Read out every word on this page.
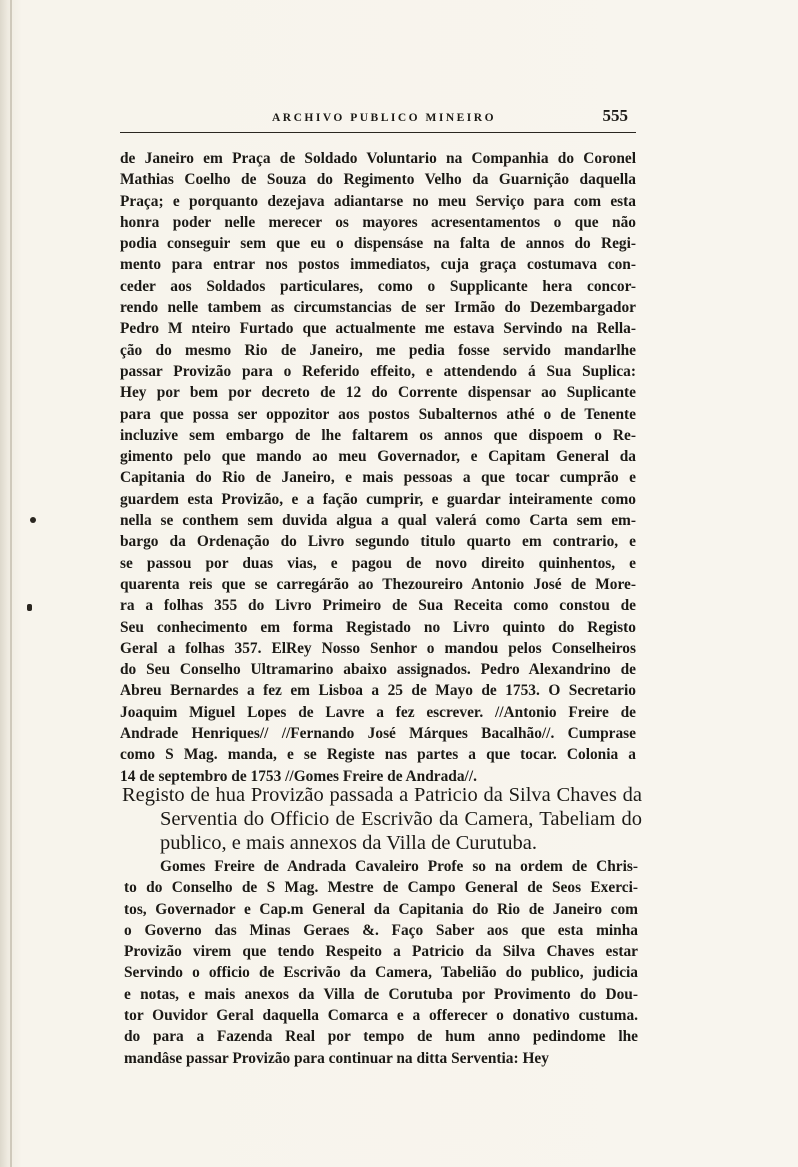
ARCHIVO PUBLICO MINEIRO	555
de Janeiro em Praça de Soldado Voluntario na Companhia do Coronel
Mathias Coelho de Souza do Regimento Velho da Guarnição daquella
Praça; e porquanto dezejava adiantarse no meu Serviço para com esta
honra poder nelle merecer os mayores acresentamentos o que não
podia conseguir sem que eu o dispensáse na falta de annos do Regi-
mento para entrar nos postos immediatos, cuja graça costumava con-
ceder aos Soldados particulares, como o Supplicante hera concor-
rendo nelle tambem as circumstancias de ser Irmão do Dezembargador
Pedro M nteiro Furtado que actualmente me estava Servindo na Rella-
ção do mesmo Rio de Janeiro, me pedia fosse servido mandarlhe
passar Provizão para o Referido effeito, e attendendo á Sua Suplica:
Hey por bem por decreto de 12 do Corrente dispensar ao Suplicante
para que possa ser oppozitor aos postos Subalternos athé o de Tenente
incluzive sem embargo de lhe faltarem os annos que dispoem o Re-
gimento pelo que mando ao meu Governador, e Capitam General da
Capitania do Rio de Janeiro, e mais pessoas a que tocar cumprão e
guardem esta Provizão, e a fação cumprir, e guardar inteiramente como
nella se conthem sem duvida algua a qual valerá como Carta sem em-
bargo da Ordenação do Livro segundo titulo quarto em contrario, e
se passou por duas vias, e pagou de novo direito quinhentos, e
quarenta reis que se carregárão ao Thezoureiro Antonio José de More-
ra a folhas 355 do Livro Primeiro de Sua Receita como constou de
Seu conhecimento em forma Registado no Livro quinto do Registo
Geral a folhas 357. ElRey Nosso Senhor o mandou pelos Conselheiros
do Seu Conselho Ultramarino abaixo assignados. Pedro Alexandrino de
Abreu Bernardes a fez em Lisboa a 25 de Mayo de 1753. O Secretario
Joaquim Miguel Lopes de Lavre a fez escrever. //Antonio Freire de
Andrade Henriques// //Fernando José Márques Bacalhão//. Cumprase
como S Mag. manda, e se Registe nas partes a que tocar. Colonia a
14 de septembro de 1753 //Gomes Freire de Andrada//.
Registo de hua Provizão passada a Patricio da Silva Chaves da
Serventia do Officio de Escrivão da Camera, Tabeliam do
publico, e mais annexos da Villa de Curutuba.
Gomes Freire de Andrada Cavaleiro Profe so na ordem de Chris-
to do Conselho de S Mag. Mestre de Campo General de Seos Exerci-
tos, Governador e Cap.m General da Capitania do Rio de Janeiro com
o Governo das Minas Geraes &. Faço Saber aos que esta minha
Provizão virem que tendo Respeito a Patricio da Silva Chaves estar
Servindo o officio de Escrivão da Camera, Tabelião do publico, judicia
e notas, e mais anexos da Villa de Corutuba por Provimento do Dou-
tor Ouvidor Geral daquella Comarca e a offerecer o donativo custuma.
do para a Fazenda Real por tempo de hum anno pedindome lhe
mandâse passar Provizão para continuar na ditta Serventia: Hey
